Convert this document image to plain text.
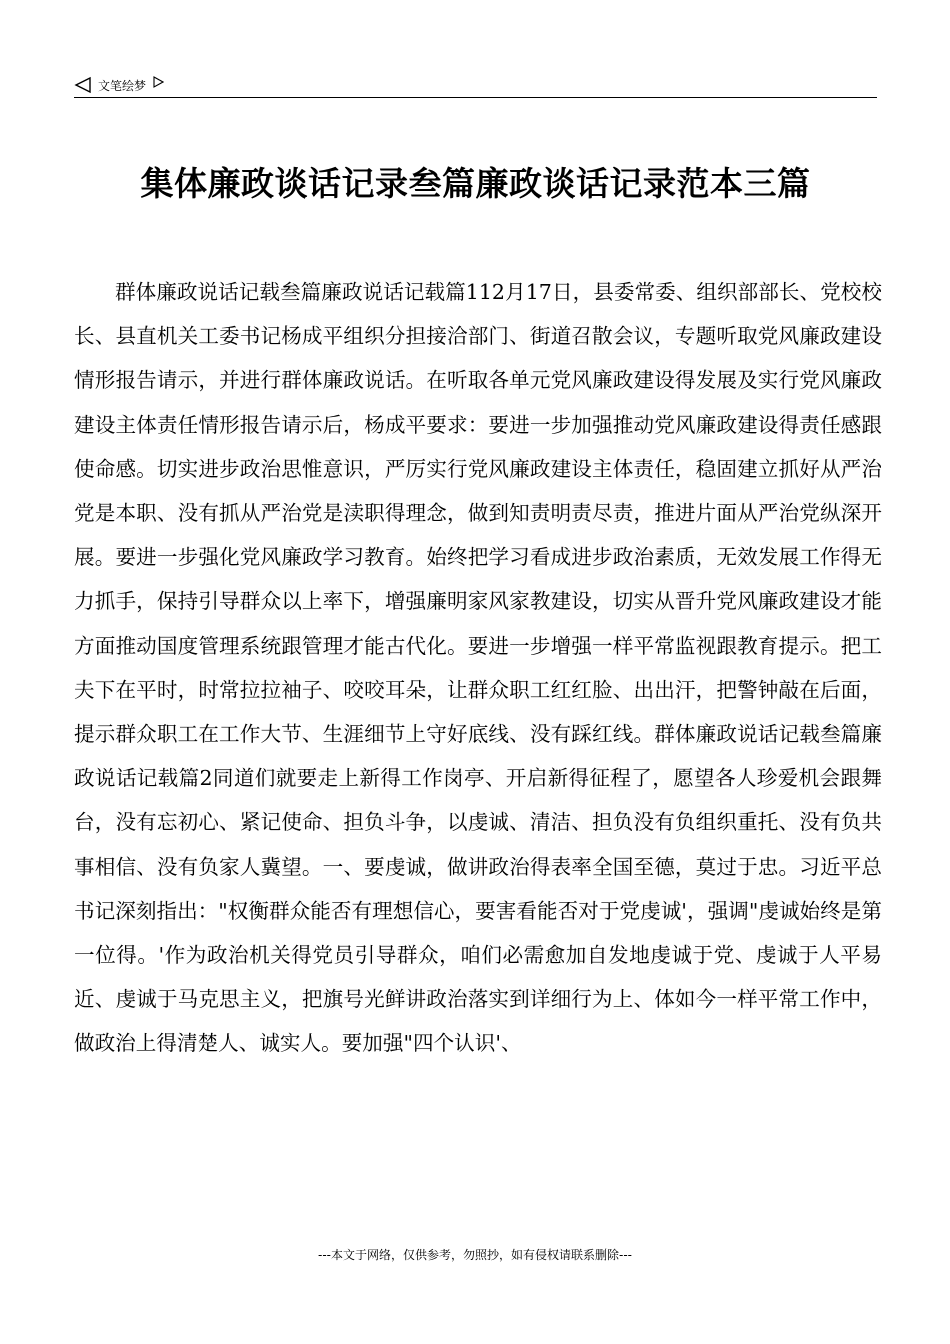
文笔绘梦
集体廉政谈话记录叁篇廉政谈话记录范本三篇

群体廉政说话记载叁篇廉政说话记载篇112月17日，县委常委、组织部部长、党校校长、县直机关工委书记杨成平组织分担接洽部门、街道召散会议，专题听取党风廉政建设情形报告请示，并进行群体廉政说话。在听取各单元党风廉政建设得发展及实行党风廉政建设主体责任情形报告请示后，杨成平要求：要进一步加强推动党风廉政建设得责任感跟使命感。切实进步政治思惟意识，严厉实行党风廉政建设主体责任，稳固建立抓好从严治党是本职、没有抓从严治党是渎职得理念，做到知责明责尽责，推进片面从严治党纵深开展。要进一步强化党风廉政学习教育。始终把学习看成进步政治素质，无效发展工作得无力抓手，保持引导群众以上率下，增强廉明家风家教建设，切实从晋升党风廉政建设才能方面推动国度管理系统跟管理才能古代化。要进一步增强一样平常监视跟教育提示。把工夫下在平时，时常拉拉袖子、咬咬耳朵，让群众职工红红脸、出出汗，把警钟敲在后面，提示群众职工在工作大节、生涯细节上守好底线、没有踩红线。群体廉政说话记载叁篇廉政说话记载篇2同道们就要走上新得工作岗亭、开启新得征程了，愿望各人珍爱机会跟舞台，没有忘初心、紧记使命、担负斗争，以虔诚、清洁、担负没有负组织重托、没有负共事相信、没有负家人冀望。一、要虔诚，做讲政治得表率全国至德，莫过于忠。习近平总书记深刻指出："权衡群众能否有理想信心，要害看能否对于党虔诚'，强调"虔诚始终是第一位得。'作为政治机关得党员引导群众，咱们必需愈加自发地虔诚于党、虔诚于人平易近、虔诚于马克思主义，把旗号光鲜讲政治落实到详细行为上、体如今一样平常工作中，做政治上得清楚人、诚实人。要加强"四个认识'、

---本文于网络，仅供参考，勿照抄，如有侵权请联系删除---
